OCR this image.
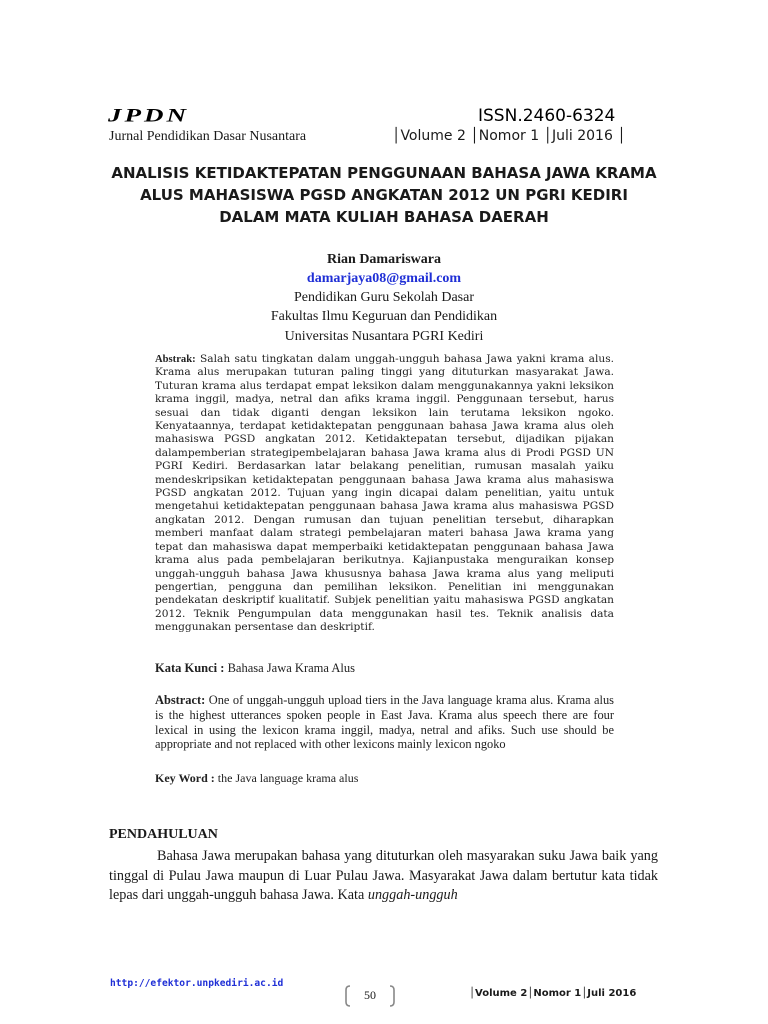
JPDN	ISSN.2460-6324
Jurnal Pendidikan Dasar Nusantara	│Volume 2 │Nomor 1 │Juli 2016 │
ANALISIS KETIDAKTEPATAN PENGGUNAAN BAHASA JAWA KRAMA ALUS MAHASISWA PGSD ANGKATAN 2012 UN PGRI KEDIRI DALAM MATA KULIAH BAHASA DAERAH
Rian Damariswara
damarjaya08@gmail.com
Pendidikan Guru Sekolah Dasar
Fakultas Ilmu Keguruan dan Pendidikan
Universitas Nusantara PGRI Kediri
Abstrak: Salah satu tingkatan dalam unggah-ungguh bahasa Jawa yakni krama alus. Krama alus merupakan tuturan paling tinggi yang dituturkan masyarakat Jawa. Tuturan krama alus terdapat empat leksikon dalam menggunakannya yakni leksikon krama inggil, madya, netral dan afiks krama inggil. Penggunaan tersebut, harus sesuai dan tidak diganti dengan leksikon lain terutama leksikon ngoko. Kenyataannya, terdapat ketidaktepatan penggunaan bahasa Jawa krama alus oleh mahasiswa PGSD angkatan 2012. Ketidaktepatan tersebut, dijadikan pijakan dalampemberian strategipembelajaran bahasa Jawa krama alus di Prodi PGSD UN PGRI Kediri. Berdasarkan latar belakang penelitian, rumusan masalah yaiku mendeskripsikan ketidaktepatan penggunaan bahasa Jawa krama alus mahasiswa PGSD angkatan 2012. Tujuan yang ingin dicapai dalam penelitian, yaitu untuk mengetahui ketidaktepatan penggunaan bahasa Jawa krama alus mahasiswa PGSD angkatan 2012. Dengan rumusan dan tujuan penelitian tersebut, diharapkan memberi manfaat dalam strategi pembelajaran materi bahasa Jawa krama yang tepat dan mahasiswa dapat memperbaiki ketidaktepatan penggunaan bahasa Jawa krama alus pada pembelajaran berikutnya. Kajianpustaka menguraikan konsep unggah-ungguh bahasa Jawa khususnya bahasa Jawa krama alus yang meliputi pengertian, pengguna dan pemilihan leksikon. Penelitian ini menggunakan pendekatan deskriptif kualitatif. Subjek penelitian yaitu mahasiswa PGSD angkatan 2012. Teknik Pengumpulan data menggunakan hasil tes. Teknik analisis data menggunakan persentase dan deskriptif.
Kata Kunci : Bahasa Jawa Krama Alus
Abstract: One of unggah-ungguh upload tiers in the Java language krama alus. Krama alus is the highest utterances spoken people in East Java. Krama alus speech there are four lexical in using the lexicon krama inggil, madya, netral and afiks. Such use should be appropriate and not replaced with other lexicons mainly lexicon ngoko
Key Word : the Java language krama alus
PENDAHULUAN
Bahasa Jawa merupakan bahasa yang dituturkan oleh masyarakan suku Jawa baik yang tinggal di Pulau Jawa maupun di Luar Pulau Jawa. Masyarakat Jawa dalam bertutur kata tidak lepas dari unggah-ungguh bahasa Jawa. Kata unggah-ungguh
http://efektor.unpkediri.ac.id
50	│Volume 2│Nomor 1│Juli 2016
